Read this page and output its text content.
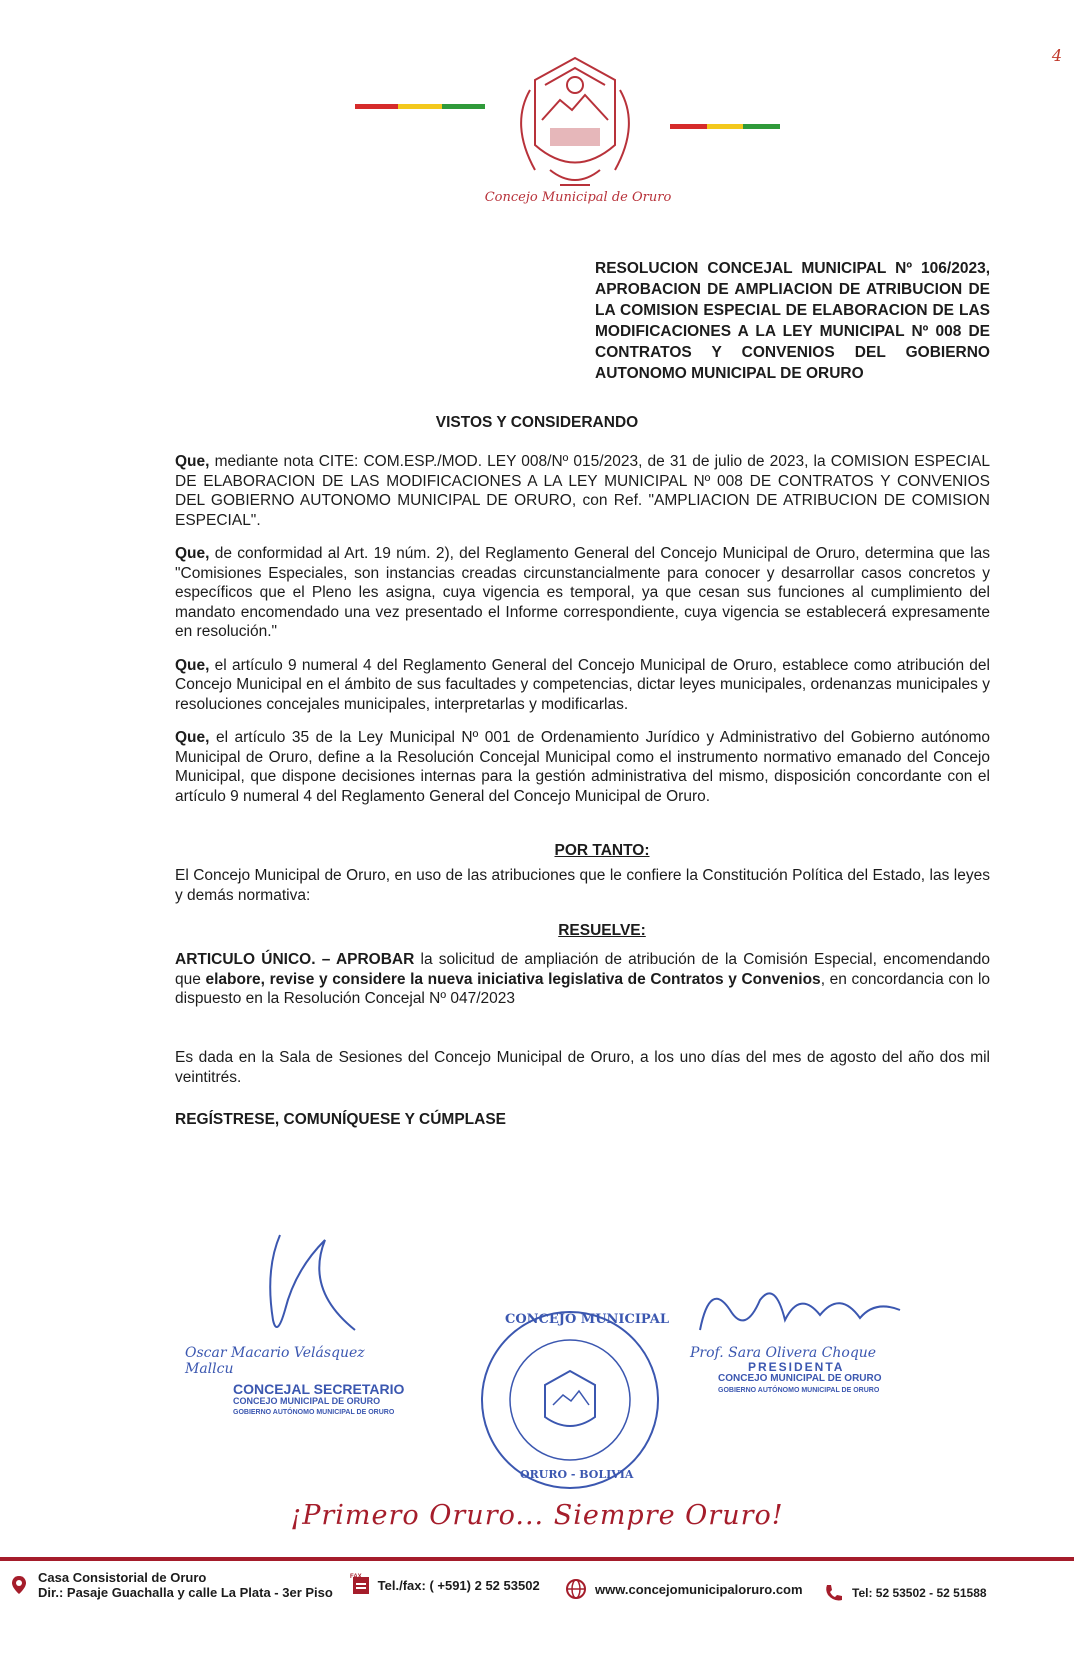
4
Concejo Municipal de Oruro
RESOLUCION CONCEJAL MUNICIPAL Nº 106/2023, APROBACION DE AMPLIACION DE ATRIBUCION DE LA COMISION ESPECIAL DE ELABORACION DE LAS MODIFICACIONES A LA LEY MUNICIPAL Nº 008 DE CONTRATOS Y CONVENIOS DEL GOBIERNO AUTONOMO MUNICIPAL DE ORURO
VISTOS Y CONSIDERANDO

Que, mediante nota CITE: COM.ESP./MOD. LEY 008/Nº 015/2023, de 31 de julio de 2023, la COMISION ESPECIAL DE ELABORACION DE LAS MODIFICACIONES A LA LEY MUNICIPAL Nº 008 DE CONTRATOS Y CONVENIOS DEL GOBIERNO AUTONOMO MUNICIPAL DE ORURO, con Ref. "AMPLIACION DE ATRIBUCION DE COMISION ESPECIAL".

Que, de conformidad al Art. 19 núm. 2), del Reglamento General del Concejo Municipal de Oruro, determina que las "Comisiones Especiales, son instancias creadas circunstancialmente para conocer y desarrollar casos concretos y específicos que el Pleno les asigna, cuya vigencia es temporal, ya que cesan sus funciones al cumplimiento del mandato encomendado una vez presentado el Informe correspondiente, cuya vigencia se establecerá expresamente en resolución."

Que, el artículo 9 numeral 4 del Reglamento General del Concejo Municipal de Oruro, establece como atribución del Concejo Municipal en el ámbito de sus facultades y competencias, dictar leyes municipales, ordenanzas municipales y resoluciones concejales municipales, interpretarlas y modificarlas.

Que, el artículo 35 de la Ley Municipal Nº 001 de Ordenamiento Jurídico y Administrativo del Gobierno autónomo Municipal de Oruro, define a la Resolución Concejal Municipal como el instrumento normativo emanado del Concejo Municipal, que dispone decisiones internas para la gestión administrativa del mismo, disposición concordante con el artículo 9 numeral 4 del Reglamento General del Concejo Municipal de Oruro.

POR TANTO:
El Concejo Municipal de Oruro, en uso de las atribuciones que le confiere la Constitución Política del Estado, las leyes y demás normativa:
RESUELVE:

ARTICULO ÚNICO. – APROBAR la solicitud de ampliación de atribución de la Comisión Especial, encomendando que elabore, revise y considere la nueva iniciativa legislativa de Contratos y Convenios, en concordancia con lo dispuesto en la Resolución Concejal Nº 047/2023

Es dada en la Sala de Sesiones del Concejo Municipal de Oruro, a los uno días del mes de agosto del año dos mil veintitrés.
REGÍSTRESE, COMUNÍQUESE Y CÚMPLASE
Oscar Macario Velásquez Mallcu
CONCEJAL SECRETARIO
CONCEJO MUNICIPAL DE ORURO
GOBIERNO AUTÓNOMO MUNICIPAL DE ORURO
CONCEJO MUNICIPAL
ORURO - BOLIVIA
Prof. Sara Olivera Choque
PRESIDENTA
CONCEJO MUNICIPAL DE ORURO
GOBIERNO AUTÓNOMO MUNICIPAL DE ORURO
¡Primero Oruro... Siempre Oruro!
Casa Consistorial de Oruro
Dir.: Pasaje Guachalla y calle La Plata - 3er Piso
FAX
Tel./fax: ( +591) 2 52 53502	www.concejomunicipaloruro.com	Tel: 52 53502 - 52 51588
